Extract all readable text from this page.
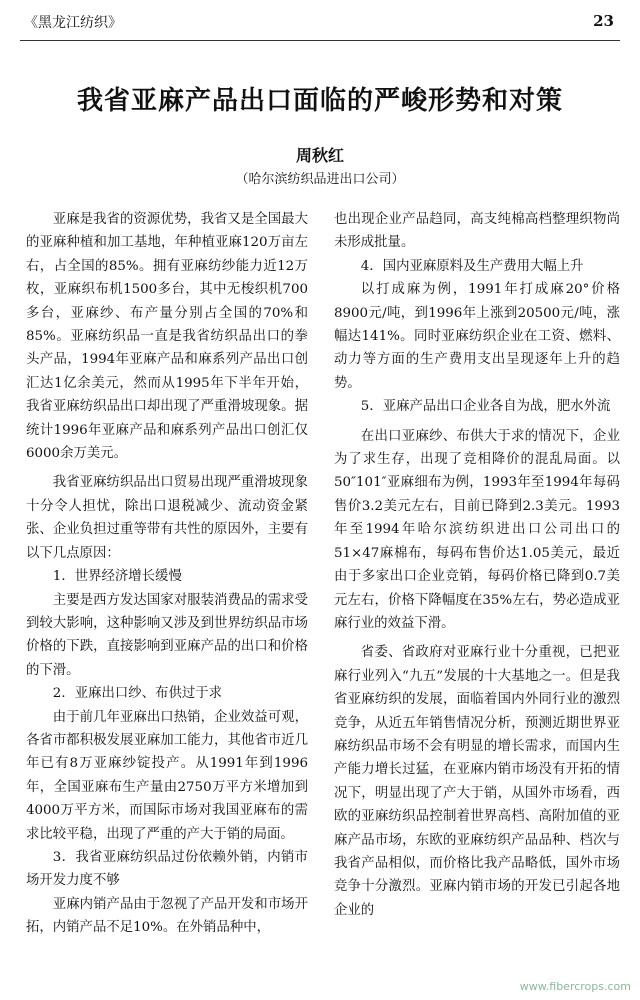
《黑龙江纺织》	23
我省亚麻产品出口面临的严峻形势和对策
周秋红
（哈尔滨纺织品进出口公司）

亚麻是我省的资源优势，我省又是全国最大的亚麻种植和加工基地，年种植亚麻120万亩左右，占全国的85%。拥有亚麻纺纱能力近12万枚，亚麻织布机1500多台，其中无梭织机700多台，亚麻纱、布产量分别占全国的70%和85%。亚麻纺织品一直是我省纺织品出口的拳头产品，1994年亚麻产品和麻系列产品出口创汇达1亿余美元，然而从1995年下半年开始，我省亚麻纺织品出口却出现了严重滑坡现象。据统计1996年亚麻产品和麻系列产品出口创汇仅6000余万美元。

我省亚麻纺织品出口贸易出现严重滑坡现象十分令人担忧，除出口退税减少、流动资金紧张、企业负担过重等带有共性的原因外，主要有以下几点原因：

1．世界经济增长缓慢

主要是西方发达国家对服装消费品的需求受到较大影响，这种影响又涉及到世界纺织品市场价格的下跌，直接影响到亚麻产品的出口和价格的下滑。

2．亚麻出口纱、布供过于求

由于前几年亚麻出口热销，企业效益可观，各省市都积极发展亚麻加工能力，其他省市近几年已有8万亚麻纱锭投产。从1991年到1996年，全国亚麻布生产量由2750万平方米增加到4000万平方米，而国际市场对我国亚麻布的需求比较平稳，出现了严重的产大于销的局面。

3．我省亚麻纺织品过份依赖外销，内销市场开发力度不够

亚麻内销产品由于忽视了产品开发和市场开拓，内销产品不足10%。在外销品种中，

也出现企业产品趋同，高支纯棉高档整理织物尚未形成批量。

4．国内亚麻原料及生产费用大幅上升

以打成麻为例，1991年打成麻20°价格8900元/吨，到1996年上涨到20500元/吨，涨幅达141%。同时亚麻纺织企业在工资、燃料、动力等方面的生产费用支出呈现逐年上升的趋势。

5．亚麻产品出口企业各自为战，肥水外流

在出口亚麻纱、布供大于求的情况下，企业为了求生存，出现了竞相降价的混乱局面。以50″101″亚麻细布为例，1993年至1994年每码售价3.2美元左右，目前已降到2.3美元。1993年至1994年哈尔滨纺织进出口公司出口的51×47麻棉布，每码布售价达1.05美元，最近由于多家出口企业竞销，每码价格已降到0.7美元左右，价格下降幅度在35%左右，势必造成亚麻行业的效益下滑。

省委、省政府对亚麻行业十分重视，已把亚麻行业列入“九五”发展的十大基地之一。但是我省亚麻纺织的发展，面临着国内外同行业的激烈竞争，从近五年销售情况分析，预测近期世界亚麻纺织品市场不会有明显的增长需求，而国内生产能力增长过猛，在亚麻内销市场没有开拓的情况下，明显出现了产大于销，从国外市场看，西欧的亚麻纺织品控制着世界高档、高附加值的亚麻产品市场，东欧的亚麻纺织产品品种、档次与我省产品相似，而价格比我产品略低，国外市场竞争十分激烈。亚麻内销市场的开发已引起各地企业的

www.fibercrops.com
